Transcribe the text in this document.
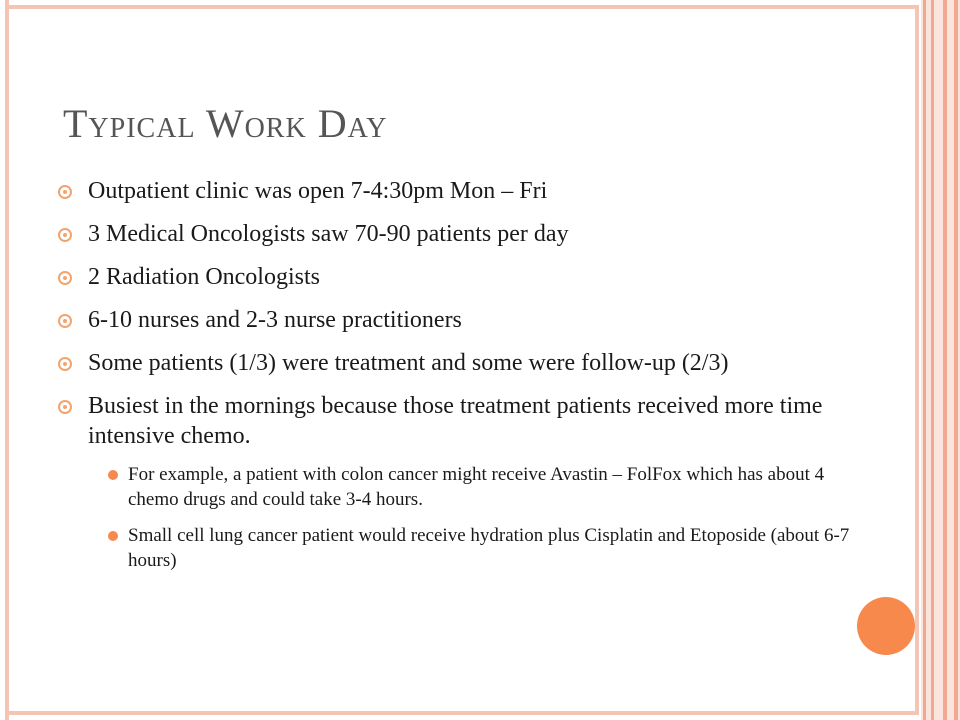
Typical Work Day
Outpatient clinic was open 7-4:30pm Mon – Fri
3 Medical Oncologists saw 70-90 patients per day
2 Radiation Oncologists
6-10 nurses and 2-3 nurse practitioners
Some patients (1/3) were treatment and some were follow-up (2/3)
Busiest in the mornings because those treatment patients received more time intensive chemo.
For example, a patient with colon cancer might receive Avastin – FolFox which has about 4 chemo drugs and could take 3-4 hours.
Small cell lung cancer patient would receive hydration plus Cisplatin and Etoposide (about 6-7 hours)
